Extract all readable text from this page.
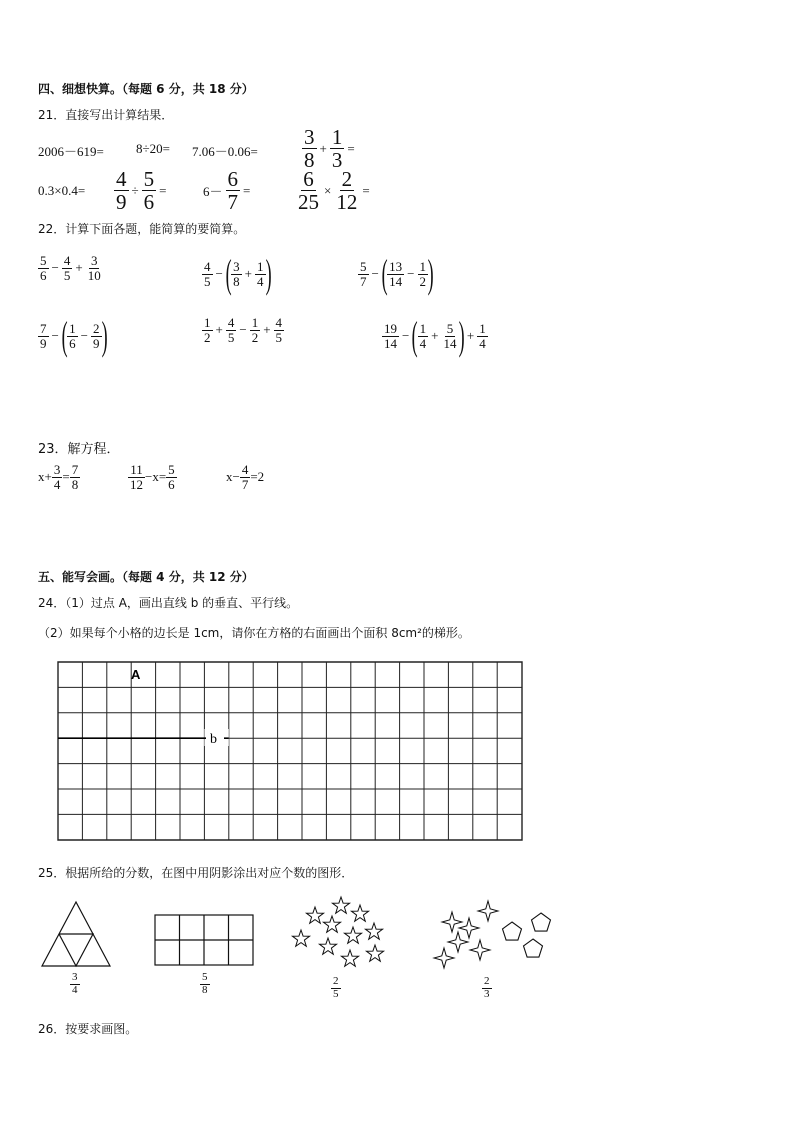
四、细想快算。（每题 6 分，共 18 分）
21．直接写出计算结果．
$2006-619= 8\div 20= 7.06-0.06= \frac{3}{8} + \frac{1}{3}$ =
$0.3\times 0.4= \frac{4}{9} \div \frac{5}{6}$ =	$6- \frac{6}{7} = \frac{6}{25} \times \frac{2}{12}$ =
22．计算下面各题，能简算的要简算。
$\frac{5}{6} - \frac{4}{5} + \frac{3}{10}$	$\frac{4}{5}$ − ( $\frac{3}{8} + \frac{1}{4}$ )	$\frac{5}{7}$ − ( $\frac{13}{14} - \frac{1}{2}$ )
$\frac{7}{9}$ − ( $\frac{1}{6} - \frac{2}{9}$ )	$\frac{1}{2} + \frac{4}{5} - \frac{1}{2} + \frac{4}{5}$	$\frac{19}{14}$ − ( $\frac{1}{4} + \frac{5}{14}$ ) + $\frac{1}{4}$
23．解方程．
$x+ \frac{3}{4} = \frac{7}{8}$	$\frac{11}{12} -x= \frac{5}{6}$	$x- \frac{4}{7} =2$
五、能写会画。（每题 4 分，共 12 分）
24．（1）过点 A，画出直线 b 的垂直、平行线。
（2）如果每个小格的边长是 1cm，请你在方格的右面画出个面积 8cm²的梯形。
A
b
25．根据所给的分数，在图中用阴影涂出对应个数的图形．
$\frac{3}{4}$	$\frac{5}{8}$	$\frac{2}{5}$	$\frac{2}{3}$
26．按要求画图。
